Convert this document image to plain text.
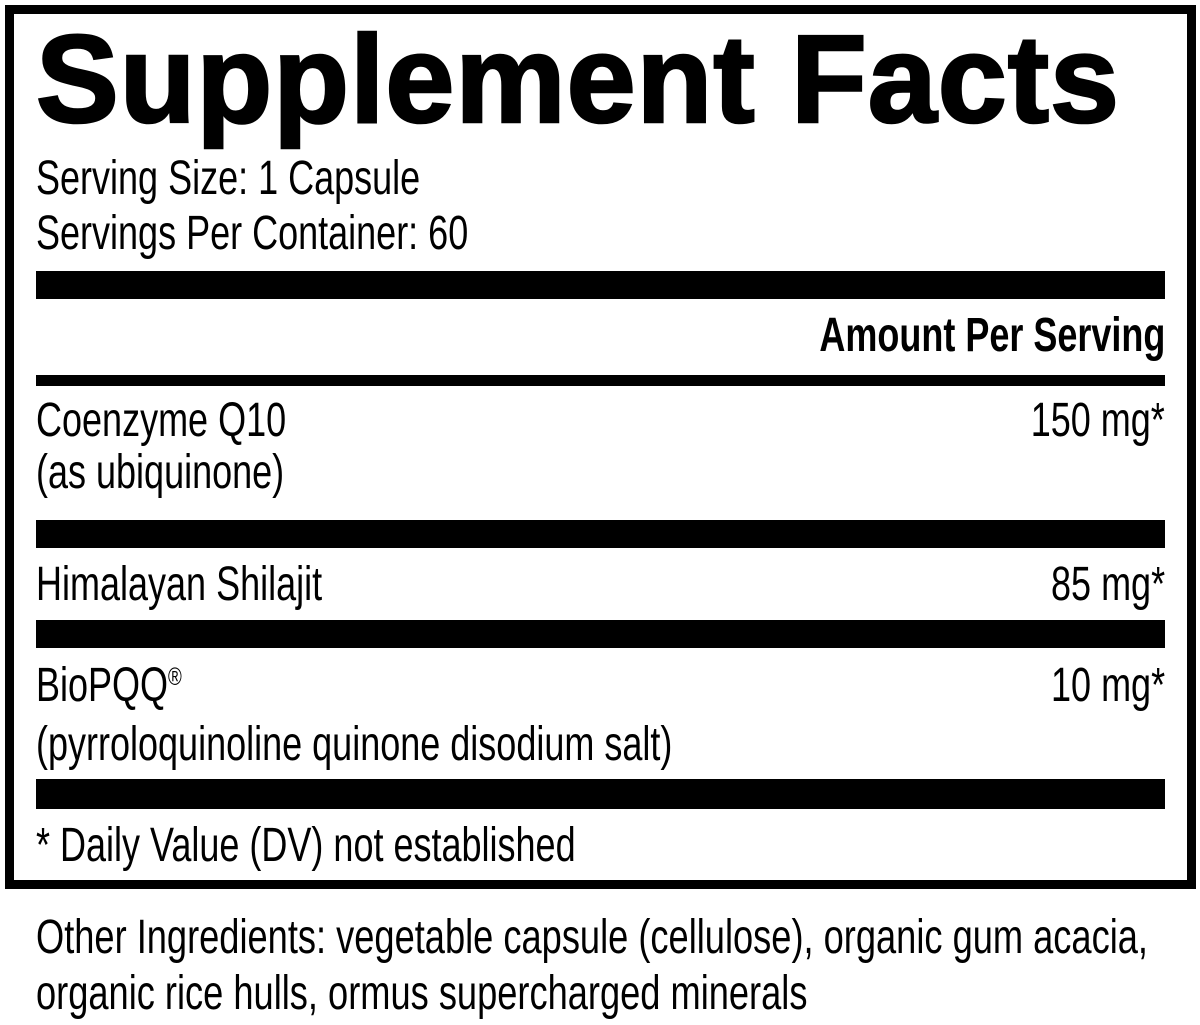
Supplement Facts
Serving Size: 1 Capsule
Servings Per Container: 60
Amount Per Serving
Coenzyme Q10
(as ubiquinone)
150 mg*
Himalayan Shilajit	85 mg*
BioPQQ®
(pyrroloquinoline quinone disodium salt)
10 mg*
* Daily Value (DV) not established

Other Ingredients: vegetable capsule (cellulose), organic gum acacia, organic rice hulls, ormus supercharged minerals
